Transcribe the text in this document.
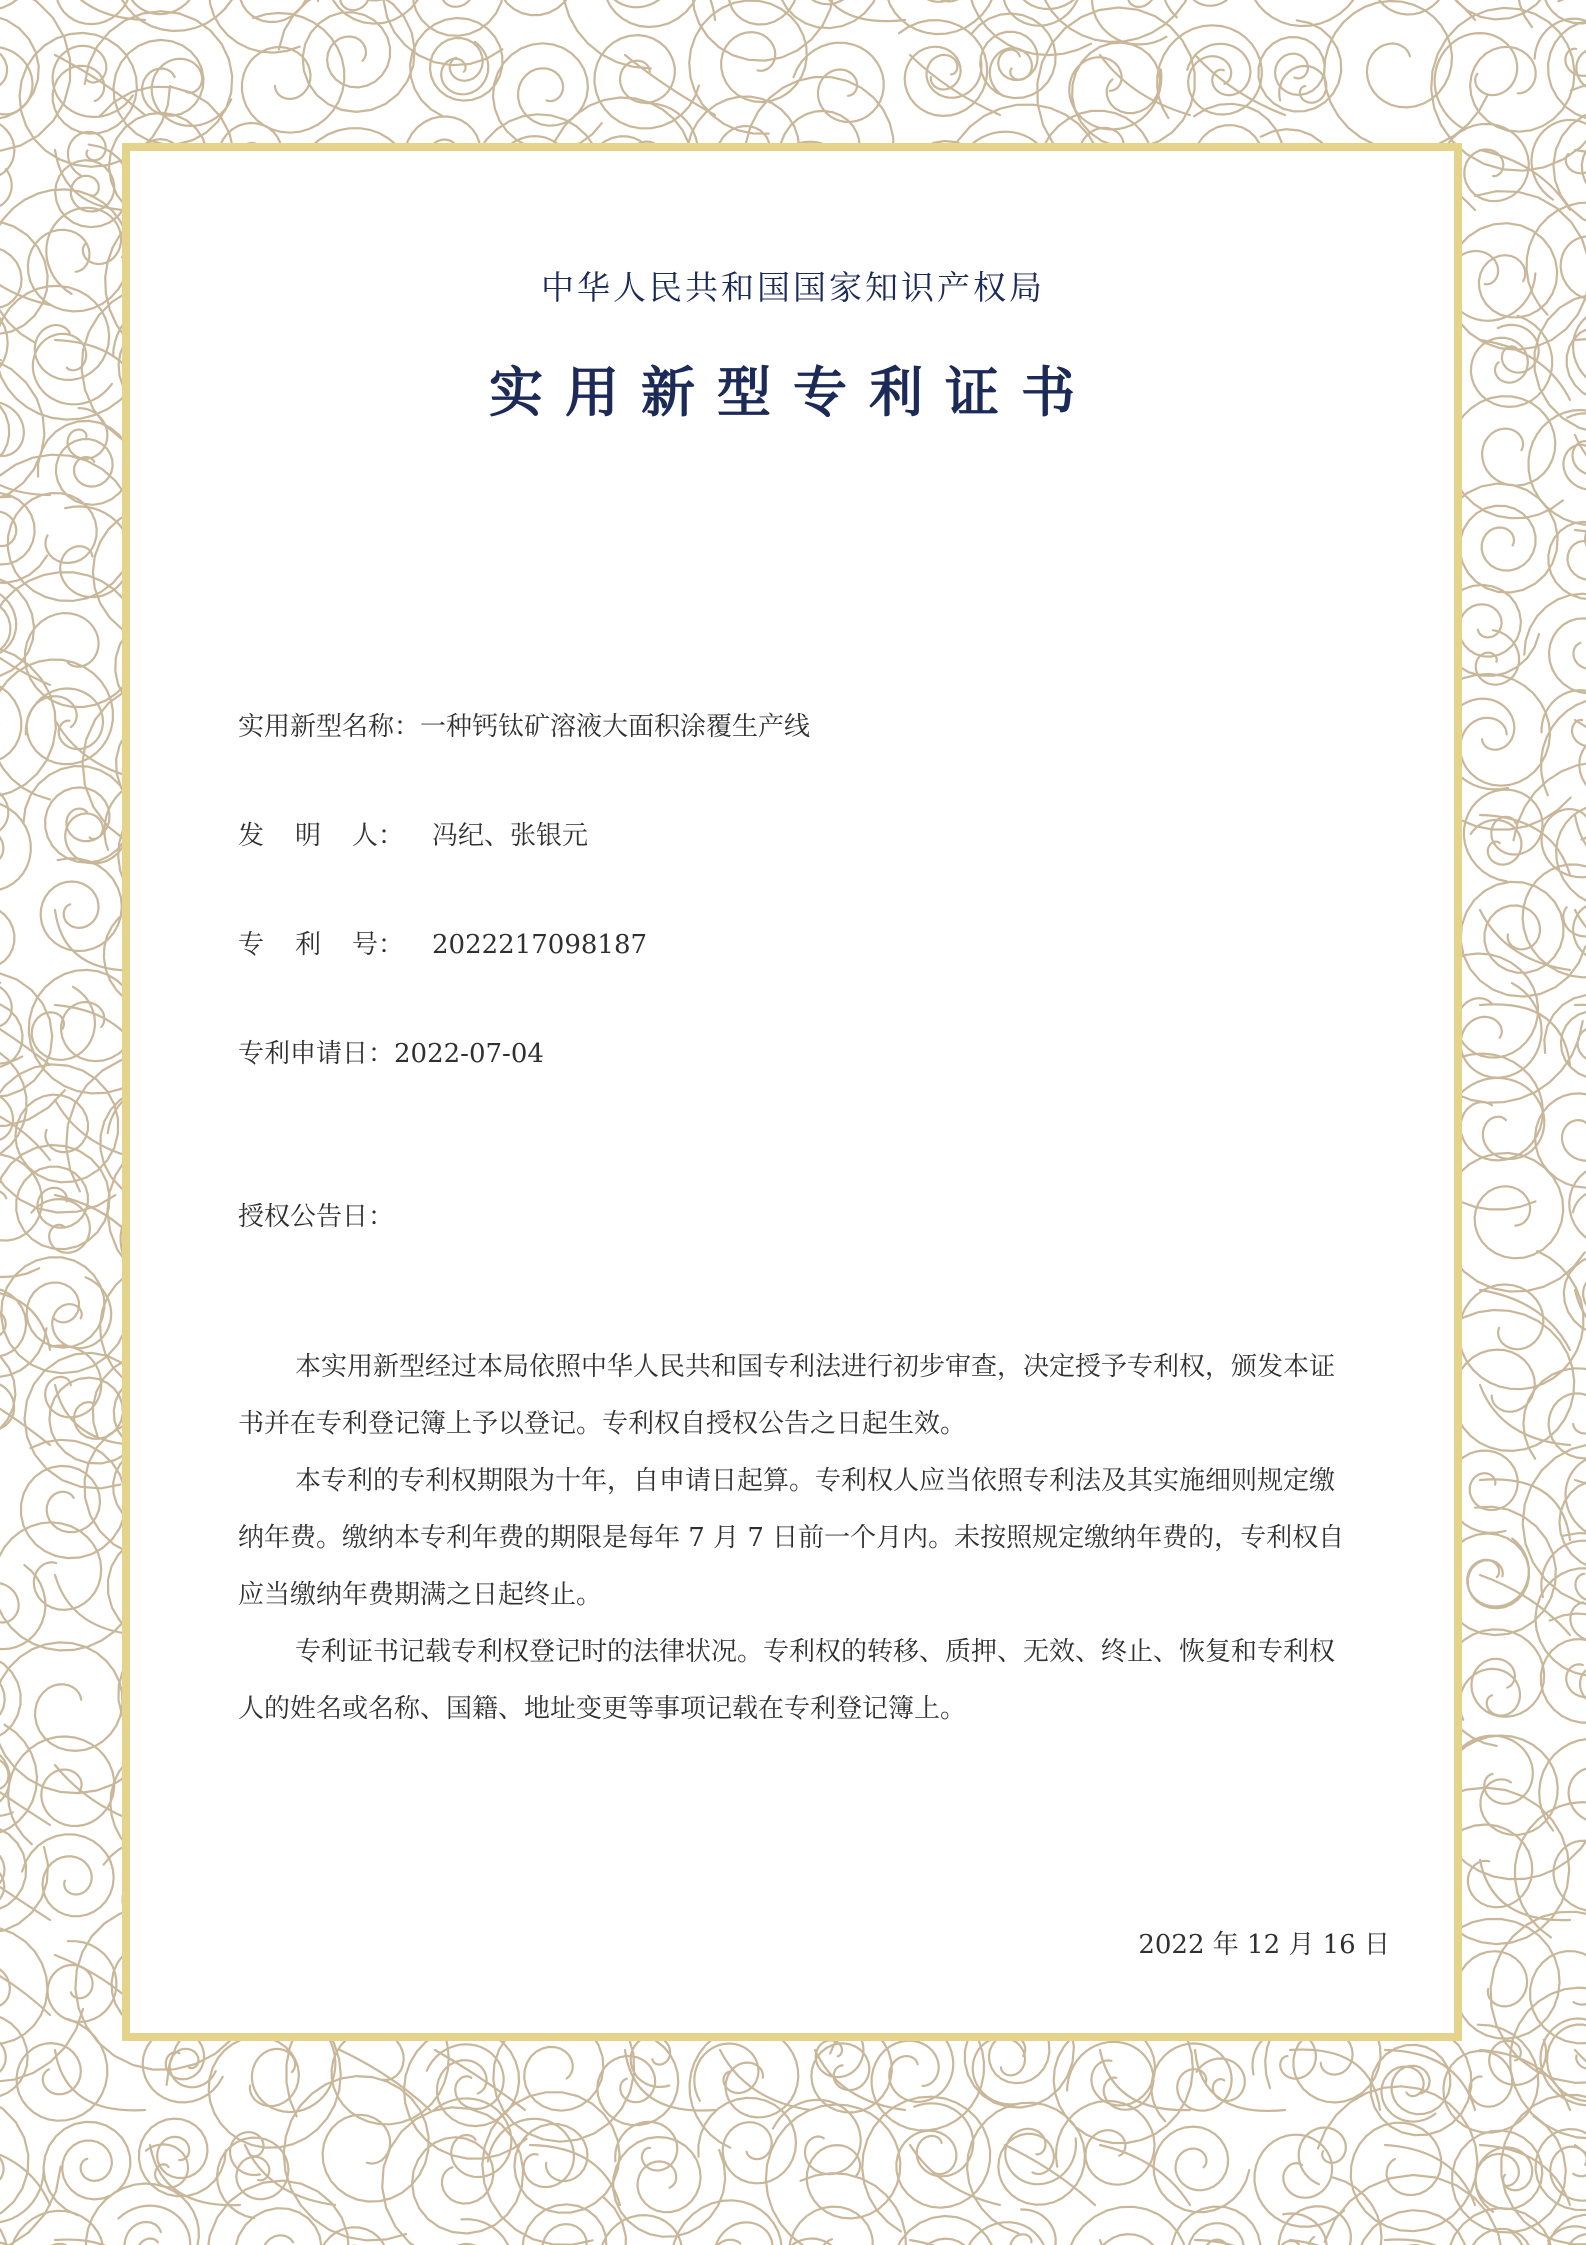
中华人民共和国国家知识产权局
实用新型专利证书
实用新型名称：一种钙钛矿溶液大面积涂覆生产线
发 明 人 ： 冯纪、张银元
专 利 号 ： 2022217098187
专利申请日：2022-07-04
授权公告日：

本实用新型经过本局依照中华人民共和国专利法进行初步审查，决定授予专利权，颁发本证书并在专利登记簿上予以登记。专利权自授权公告之日起生效。

本专利的专利权期限为十年，自申请日起算。专利权人应当依照专利法及其实施细则规定缴纳年费。缴纳本专利年费的期限是每年 7 月 7 日前一个月内。未按照规定缴纳年费的，专利权自应当缴纳年费期满之日起终止。

专利证书记载专利权登记时的法律状况。专利权的转移、质押、无效、终止、恢复和专利权人的姓名或名称、国籍、地址变更等事项记载在专利登记簿上。

2022 年 12 月 16 日
